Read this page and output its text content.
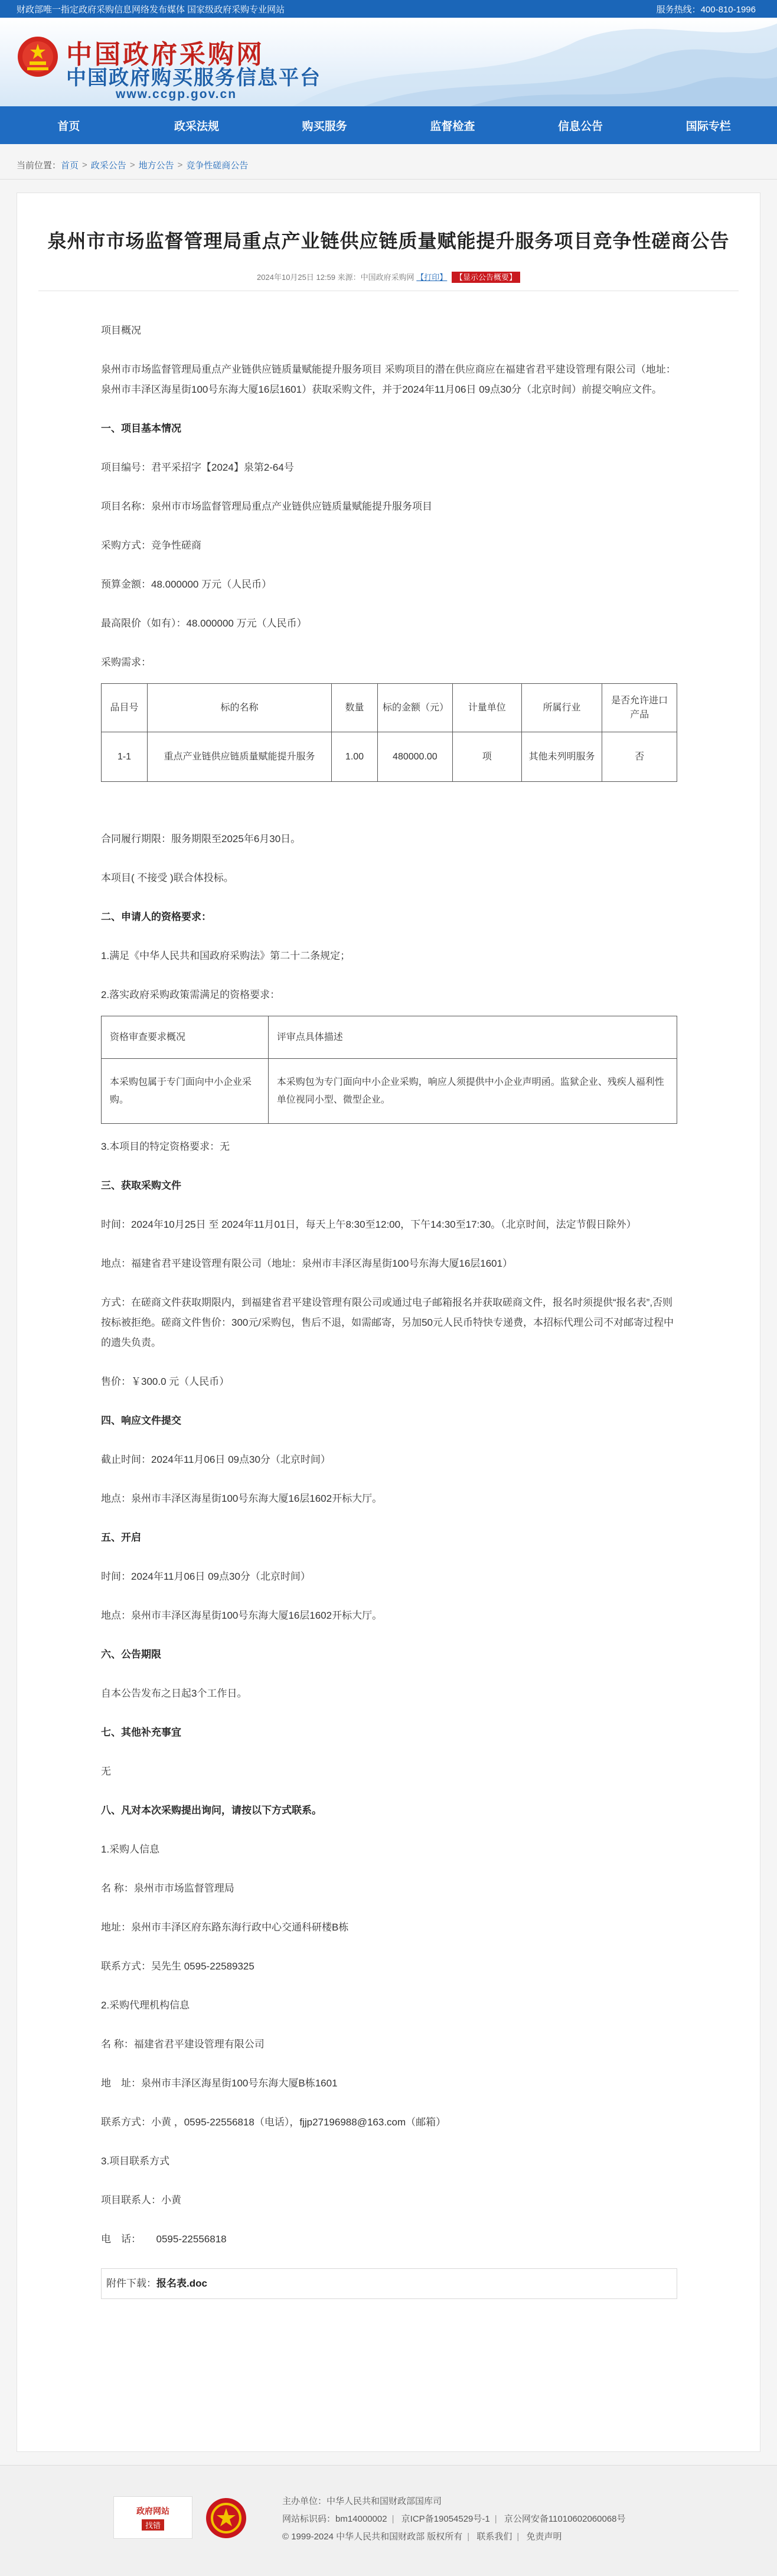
财政部唯一指定政府采购信息网络发布媒体 国家级政府采购专业网站	服务热线：400-810-1996
中国政府采购网
中国政府购买服务信息平台
www.ccgp.gov.cn
首页	政采法规	购买服务	监督检查	信息公告	国际专栏
当前位置： 首页 > 政采公告 > 地方公告 > 竞争性磋商公告
泉州市市场监督管理局重点产业链供应链质量赋能提升服务项目竞争性磋商公告
2024年10月25日 12:59 来源：中国政府采购网 【打印】 【显示公告概要】

项目概况

泉州市市场监督管理局重点产业链供应链质量赋能提升服务项目 采购项目的潜在供应商应在福建省君平建设管理有限公司（地址：泉州市丰泽区海星街100号东海大厦16层1601）获取采购文件，并于2024年11月06日 09点30分（北京时间）前提交响应文件。

一、项目基本情况

项目编号：君平采招字【2024】泉第2-64号

项目名称：泉州市市场监督管理局重点产业链供应链质量赋能提升服务项目

采购方式：竞争性磋商

预算金额：48.000000 万元（人民币）

最高限价（如有）：48.000000 万元（人民币）

采购需求：

品目号	标的名称	数量	标的金额（元）	计量单位	所属行业	是否允许进口产品
1-1	重点产业链供应链质量赋能提升服务	1.00	480000.00	项	其他未列明服务	否

合同履行期限：服务期限至2025年6月30日。

本项目( 不接受 )联合体投标。

二、申请人的资格要求：

1.满足《中华人民共和国政府采购法》第二十二条规定；

2.落实政府采购政策需满足的资格要求：

资格审查要求概况	评审点具体描述
本采购包属于专门面向中小企业采购。	本采购包为专门面向中小企业采购，响应人须提供中小企业声明函。监狱企业、残疾人福利性单位视同小型、微型企业。

3.本项目的特定资格要求：无

三、获取采购文件

时间：2024年10月25日 至 2024年11月01日，每天上午8:30至12:00，下午14:30至17:30。（北京时间，法定节假日除外）

地点：福建省君平建设管理有限公司（地址：泉州市丰泽区海星街100号东海大厦16层1601）

方式：在磋商文件获取期限内，到福建省君平建设管理有限公司或通过电子邮箱报名并获取磋商文件，报名时须提供“报名表”,否则按标被拒绝。磋商文件售价：300元/采购包，售后不退，如需邮寄，另加50元人民币特快专递费，本招标代理公司不对邮寄过程中的遗失负责。

售价：￥300.0 元（人民币）

四、响应文件提交

截止时间：2024年11月06日 09点30分（北京时间）

地点：泉州市丰泽区海星街100号东海大厦16层1602开标大厅。

五、开启

时间：2024年11月06日 09点30分（北京时间）

地点：泉州市丰泽区海星街100号东海大厦16层1602开标大厅。

六、公告期限

自本公告发布之日起3个工作日。

七、其他补充事宜

无

八、凡对本次采购提出询问，请按以下方式联系。

1.采购人信息

名 称：泉州市市场监督管理局

地址：泉州市丰泽区府东路东海行政中心交通科研楼B栋

联系方式：吴先生 0595-22589325

2.采购代理机构信息

名 称：福建省君平建设管理有限公司

地　址：泉州市丰泽区海星街100号东海大厦B栋1601

联系方式：小黄 ，0595-22556818（电话），fjjp27196988@163.com（邮箱）

3.项目联系方式

项目联系人：小黄

电　话：　　0595-22556818

附件下载： 报名表.doc
政府网站
找错
主办单位：中华人民共和国财政部国库司
网站标识码：bm14000002 | 京ICP备19054529号-1 | 京公网安备11010602060068号
© 1999-2024 中华人民共和国财政部 版权所有 | 联系我们 | 免责声明
